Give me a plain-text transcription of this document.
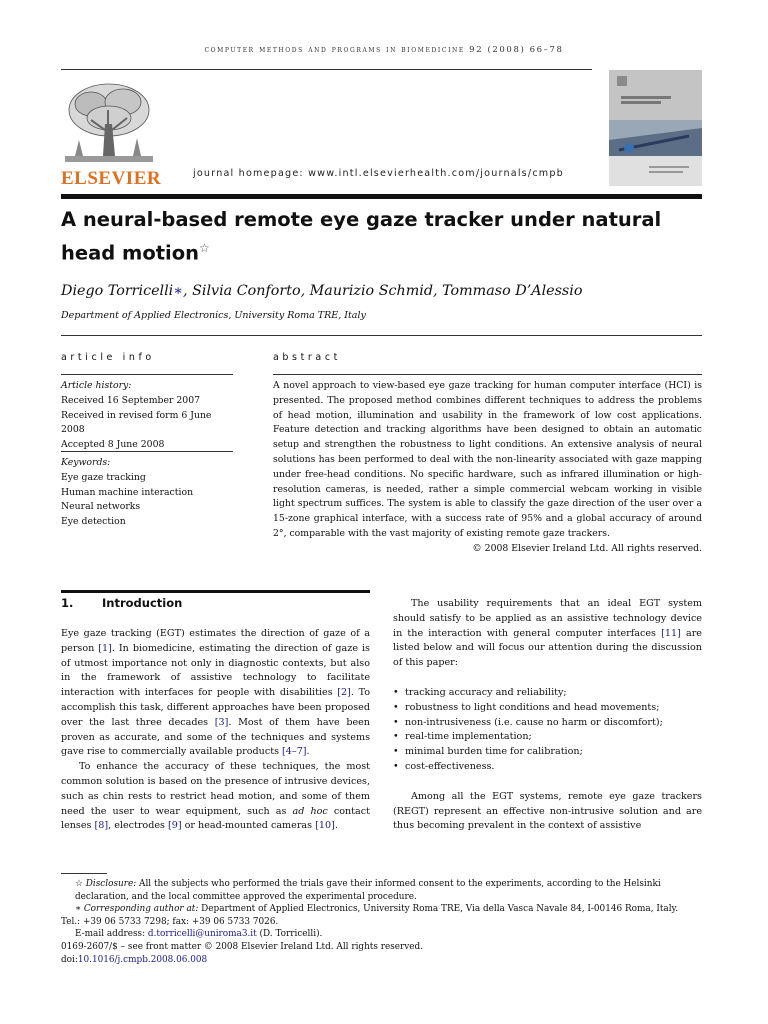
computer methods and programs in biomedicine 92 (2008) 66–78
ELSEVIER	journal homepage: www.intl.elsevierhealth.com/journals/cmpb
A neural-based remote eye gaze tracker under natural head motion☆
Diego Torricelli∗, Silvia Conforto, Maurizio Schmid, Tommaso D’Alessio
Department of Applied Electronics, University Roma TRE, Italy
article info
Article history:
Received 16 September 2007
Received in revised form 6 June 2008
Accepted 8 June 2008
Keywords:
Eye gaze tracking
Human machine interaction
Neural networks
Eye detection
abstract

A novel approach to view-based eye gaze tracking for human computer interface (HCI) is presented. The proposed method combines different techniques to address the problems of head motion, illumination and usability in the framework of low cost applications. Feature detection and tracking algorithms have been designed to obtain an automatic setup and strengthen the robustness to light conditions. An extensive analysis of neural solutions has been performed to deal with the non-linearity associated with gaze mapping under free-head conditions. No specific hardware, such as infrared illumination or high-resolution cameras, is needed, rather a simple commercial webcam working in visible light spectrum suffices. The system is able to classify the gaze direction of the user over a 15-zone graphical interface, with a success rate of 95% and a global accuracy of around 2°, comparable with the vast majority of existing remote gaze trackers.

© 2008 Elsevier Ireland Ltd. All rights reserved.

1. Introduction

Eye gaze tracking (EGT) estimates the direction of gaze of a person [1]. In biomedicine, estimating the direction of gaze is of utmost importance not only in diagnostic contexts, but also in the framework of assistive technology to facilitate interaction with interfaces for people with disabilities [2]. To accomplish this task, different approaches have been proposed over the last three decades [3]. Most of them have been proven as accurate, and some of the techniques and systems gave rise to commercially available products [4–7].

To enhance the accuracy of these techniques, the most common solution is based on the presence of intrusive devices, such as chin rests to restrict head motion, and some of them need the user to wear equipment, such as ad hoc contact lenses [8], electrodes [9] or head-mounted cameras [10].

The usability requirements that an ideal EGT system should satisfy to be applied as an assistive technology device in the interaction with general computer interfaces [11] are listed below and will focus our attention during the discussion of this paper:

• tracking accuracy and reliability;
• robustness to light conditions and head movements;
• non-intrusiveness (i.e. cause no harm or discomfort);
• real-time implementation;
• minimal burden time for calibration;
• cost-effectiveness.

Among all the EGT systems, remote eye gaze trackers (REGT) represent an effective non-intrusive solution and are thus becoming prevalent in the context of assistive

☆ Disclosure: All the subjects who performed the trials gave their informed consent to the experiments, according to the Helsinki declaration, and the local committee approved the experimental procedure.

∗ Corresponding author at: Department of Applied Electronics, University Roma TRE, Via della Vasca Navale 84, I-00146 Roma, Italy.

Tel.: +39 06 5733 7298; fax: +39 06 5733 7026.

E-mail address: d.torricelli@uniroma3.it (D. Torricelli).

0169-2607/$ – see front matter © 2008 Elsevier Ireland Ltd. All rights reserved.

doi:10.1016/j.cmpb.2008.06.008
